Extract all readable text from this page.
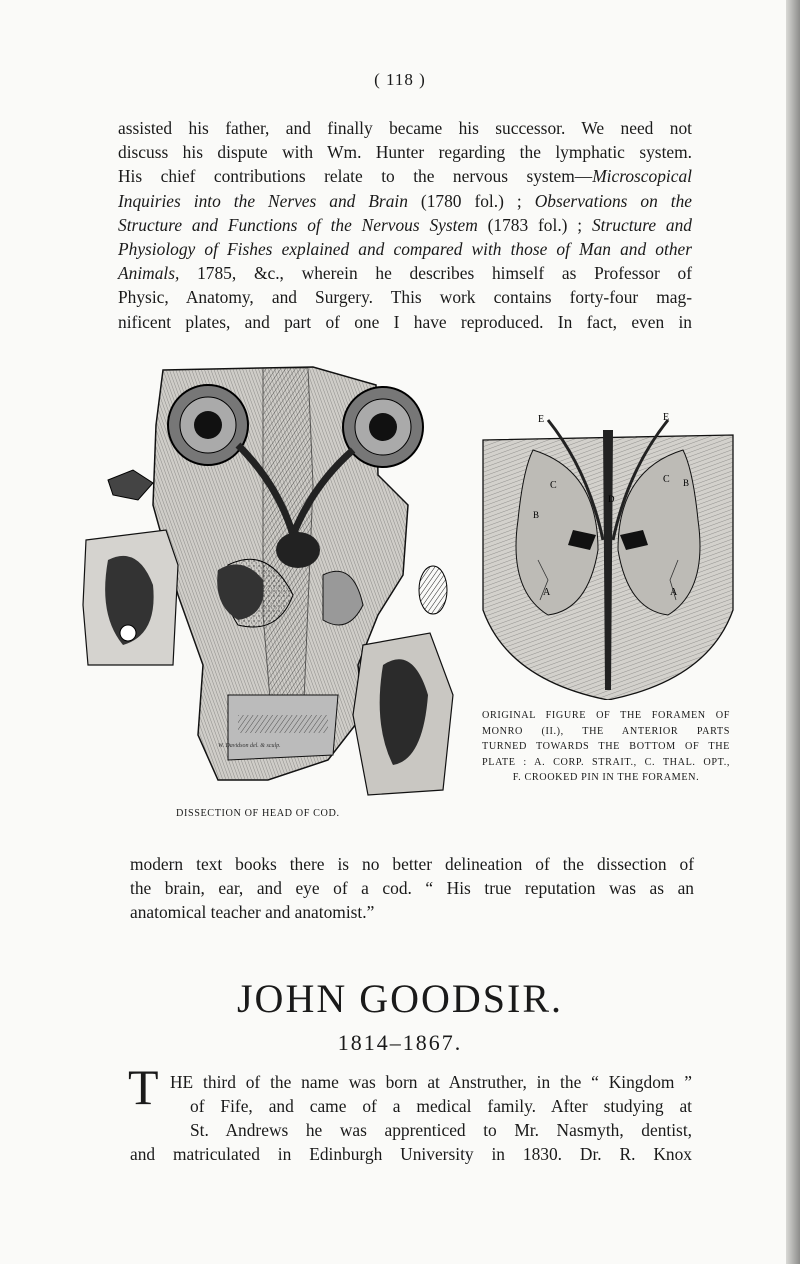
( 118 )
assisted his father, and finally became his successor. We need not
discuss his dispute with Wm. Hunter regarding the lymphatic system.
His chief contributions relate to the nervous system—Microscopical
Inquiries into the Nerves and Brain (1780 fol.) ; Observations on the
Structure and Functions of the Nervous System (1783 fol.) ; Structure and
Physiology of Fishes explained and compared with those of Man and other
Animals, 1785, &c., wherein he describes himself as Professor of
Physic, Anatomy, and Surgery. This work contains forty-four mag-
nificent plates, and part of one I have reproduced. In fact, even in
W. Davidson del. & sculp.
E	E
C
C
B
B
D
A	A
ORIGINAL FIGURE OF THE FORAMEN OF
MONRO (II.), THE ANTERIOR PARTS
TURNED TOWARDS THE BOTTOM OF THE
PLATE : A. CORP. STRAIT., C. THAL. OPT.,
F. CROOKED PIN IN THE FORAMEN.
DISSECTION OF HEAD OF COD.
modern text books there is no better delineation of the dissection of
the brain, ear, and eye of a cod. “ His true reputation was as an
anatomical teacher and anatomist.”
JOHN GOODSIR.
1814–1867.
T HE third of the name was born at Anstruther, in the “ Kingdom ”
of Fife, and came of a medical family. After studying at
St. Andrews he was apprenticed to Mr. Nasmyth, dentist,
and matriculated in Edinburgh University in 1830. Dr. R. Knox
